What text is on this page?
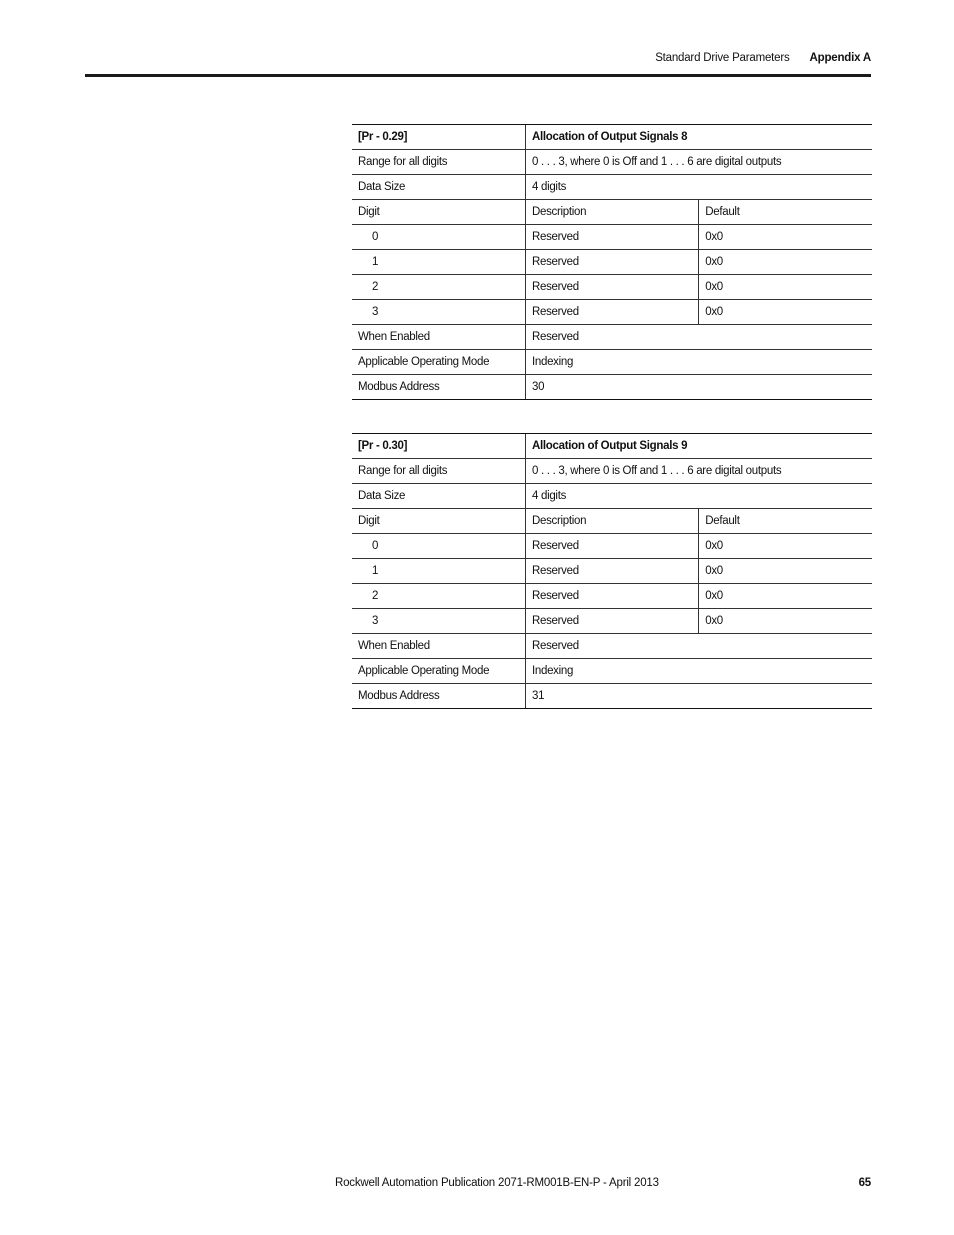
Standard Drive Parameters Appendix A
[Pr - 0.29]	Allocation of Output Signals 8	
Range for all digits	0 . . . 3, where 0 is Off and 1 . . . 6 are digital outputs	
Data Size	4 digits	
Digit	Description	Default
0	Reserved	0x0
1	Reserved	0x0
2	Reserved	0x0
3	Reserved	0x0
When Enabled	Reserved	
Applicable Operating Mode	Indexing	
Modbus Address	30	
[Pr - 0.30]	Allocation of Output Signals 9	
Range for all digits	0 . . . 3, where 0 is Off and 1 . . . 6 are digital outputs	
Data Size	4 digits	
Digit	Description	Default
0	Reserved	0x0
1	Reserved	0x0
2	Reserved	0x0
3	Reserved	0x0
When Enabled	Reserved	
Applicable Operating Mode	Indexing	
Modbus Address	31	
Rockwell Automation Publication 2071-RM001B-EN-P - April 2013	65
